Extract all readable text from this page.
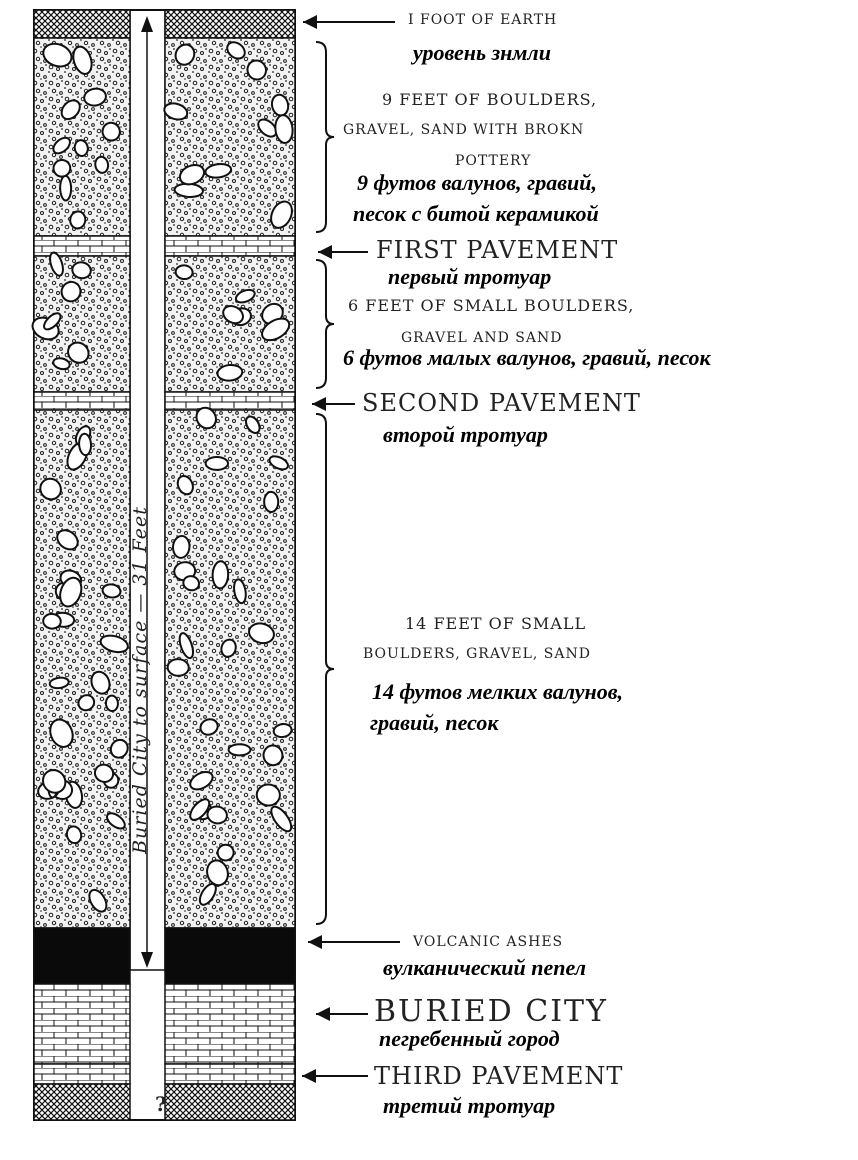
Buried City to surface — 31 Feet
I FOOT OF EARTH
уровень знмли
9 FEET OF BOULDERS,
GRAVEL, SAND WITH BROKN
POTTERY
9 футов валунов, гравий,
песок с битой керамикой
FIRST PAVEMENT
первый тротуар
6 FEET OF SMALL BOULDERS,
GRAVEL AND SAND
6 футов малых валунов, гравий, песок
SECOND PAVEMENT
второй тротуар
14 FEET OF SMALL
BOULDERS, GRAVEL, SAND
14 футов мелких валунов,
гравий, песок
VOLCANIC ASHES
вулканический пепел
BURIED CITY
пегребенный город
THIRD PAVEMENT
третий тротуар
?
